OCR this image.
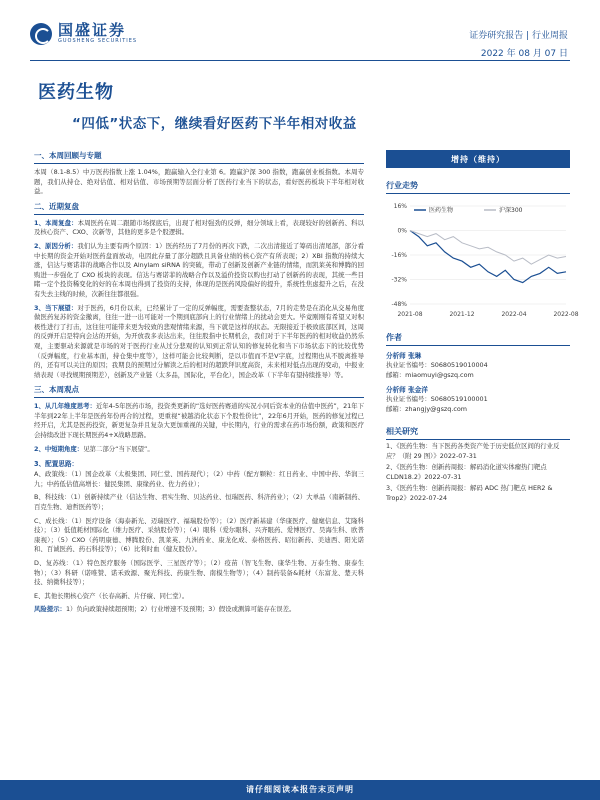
国盛证券
GUOSHENG SECURITIES	证券研究报告 | 行业周报
2022 年 08 月 07 日
医药生物
“四低”状态下，继续看好医药下半年相对收益
一、本周回顾与专题
本周（8.1-8.5）中万医药指数上涨 1.04%，跑赢输入全行业第 6。跑赢沪深 300 指数，跑赢创业板指数。本周专题，我们从持仓、绝对估值、相对估值、市场预期等层面分析了医药行业当下的状态，看好医药板块下半年相对收益。
二、近期复盘
1、本周复盘：本周医药在周二跟随市场探底后，出现了相对强劲的反弹，细分领域上看，表现较好的创新药、科以及核心资产、CXO、次新等，其他的更多是个股逻辑。
2、原因分析：我们认为主要有两个原因：1）医药经历了7月份的再次下跌，二次出清接近了筹码出清尾部，部分看中长期的资金开始对医药盘面放动，电因此存量了部分超跌且具备业绩的核心资产有所表现；2）XBI 指数的持续大涨，信达与赛诺菲的战略合作以及 Alnylam siRNA 的突破，带动了创新及创新产业链的情绪，而凯莱英和博腾的回购进一步强化了 CXO 板块的表现。信达与赛诺菲的战略合作以及溢价投资以购也打动了创新药的表现，其统一些目睹一定个投资稀变化的好的在本周也得到了投资的支持，体现的是医药风险偏好的提升，系统性焦虑提升之后，在没有失去主线的时候，次新往往都很强。
3、当下展望：对于医药，6月份以来，已经累计了一定的反弹幅度，需要查整状态，7月的走势是在消化从交易角度做医药复苏的资金撤离，往往一进一出可能对一个期到底部向上的行业情绪上的扰动会更大。毕竟刚刚有希望又对积极性进行了打击，这往往可能带来更为较致的悲观情绪来源，当下就是这样的状态。无限接近于极致底部区间，这周的反弹开启是特向会达的开始，为开放我多表达出来，往往股指中长期机会，我们对于下半年医药的相对收益仍然乐观，主要驱动来源就是市场的对于医药行业从过分悲观的认知到正常认知的修复转化和当下市场状态下的比较优势（反弹幅度，行业基本面，持仓集中度等），这样可能会比较判断，是以市值而不是V字底，过程期也从不脱离推导的，还有可以关注的原因；我期良的预期过分解读之后的相对的超跌拜识度高资，未来相对低点出现的变动，中报业绩表现（寻找规期预期差），创新及产业链（太多品，国际化，平台化），国企改革（下半年有望持续推导）等。
三、本周观点
1、从几年维度思考：近年4-5年医药市场，投资类更新的“选好医药赛道的实况小同后资本业的估值中医药”，21年下半年到22年上半年是医药年份再合的过程，更重视“被越消化状态下个股性价比”，22年6月开始，医药的修复过程已经开启，尤其是医药投资，新更复杂并且复杂大更加重视的关键，中长期内，行业的需求在药市场份额，政策和医疗会持续改进下现长期医药4+X战略思路。
2、中短期角度：见第二部分“当下展望”。
3、配置思路：
A、政策线：（1）国企改革（太极集团、同仁堂、国药现代）；（2）中药（配方颗粒：红日药业、中国中药、华润三九；中药低估值高增长：健民集团、康缘药业、佐力药业）；
B、科技线：（1）创新持续产业（信达生物、君实生物、贝达药业、恒瑞医药、科济药业）；（2）大单品（南新制药、百克生物、迪哲医药等）；
C、成长线：（1）医疗设备（海泰新光、迈瑞医疗、福瑞股份等）；（2）医疗新基建（华康医疗、健麾信息、艾隆科技）；（3）低值耗材国际化（维力医疗、采纳股份等）；（4）眼科（爱尔眼科、兴齐眼药、爱博医疗、昊海生科、欧普康视）；（5）CXO（药明康德、博腾股份、凯莱英、九洲药业、康龙化成、泰格医药、昭衍新药、美迪西、阳光诺和、百诚医药、药石科技等）；（6）比利时血（健友股份）。
D、复苏线：（1）特色医疗服务（国际医学、三星医疗等）；（2）疫苗（智飞生物、康华生物、万泰生物、康泰生物）；（3）科研（诺唯赞、诺禾致源、聚光科技、药康生物、南模生物等）；（4）制药装备&耗材（东富龙、楚天科技、纳微科技等）；
E、其他长期核心资产（长春高新、片仔癀、同仁堂）。
风险提示：1）负向政策持续超预期；2）行业增速不及预期；3）假设或测算可能存在误差。
增持（维持）
行业走势
16%
0%
-16%
-32%
-48%
2021-08	2021-12	2022-04	2022-08
医药生物	沪深300
作者
分析师 张琳
执业证书编号：S0680519010004
邮箱：miaomuyi@gszq.com
分析师 张金洋
执业证书编号：S0680519100001
邮箱：zhangjy@gszq.com
相关研究
1、《医药生物：当下医药各类资产处于历史低位区间的行业反应？（附 29 图）》2022-07-31
2、《医药生物：创新药周报：解码消化道实体瘤热门靶点 CLDN18.2》2022-07-31
3、《医药生物：创新药周报：解码 ADC 热门靶点 HER2 & Trop2》2022-07-24
请仔细阅读本报告末页声明
